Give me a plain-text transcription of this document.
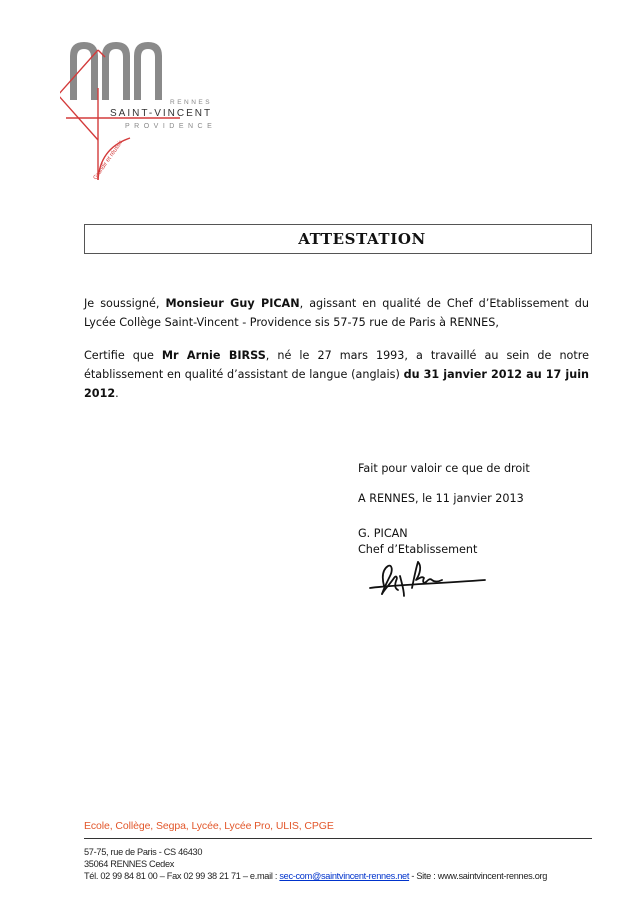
Grandir et réussir
RENNES
SAINT-VINCENT
PROVIDENCE
ATTESTATION
Je soussigné, Monsieur Guy PICAN, agissant en qualité de Chef d’Etablissement du Lycée Collège Saint-Vincent - Providence sis 57-75 rue de Paris à RENNES,
Certifie que Mr Arnie BIRSS, né le 27 mars 1993, a travaillé au sein de notre établissement en qualité d’assistant de langue (anglais) du 31 janvier 2012 au 17 juin 2012.
Fait pour valoir ce que de droit
A RENNES, le 11 janvier 2013
G. PICAN
Chef d’Etablissement
Ecole, Collège, Segpa, Lycée, Lycée Pro, ULIS, CPGE
57-75, rue de Paris - CS 46430
35064 RENNES Cedex
Tél. 02 99 84 81 00 – Fax 02 99 38 21 71 – e.mail : sec-com@saintvincent-rennes.net - Site : www.saintvincent-rennes.org
